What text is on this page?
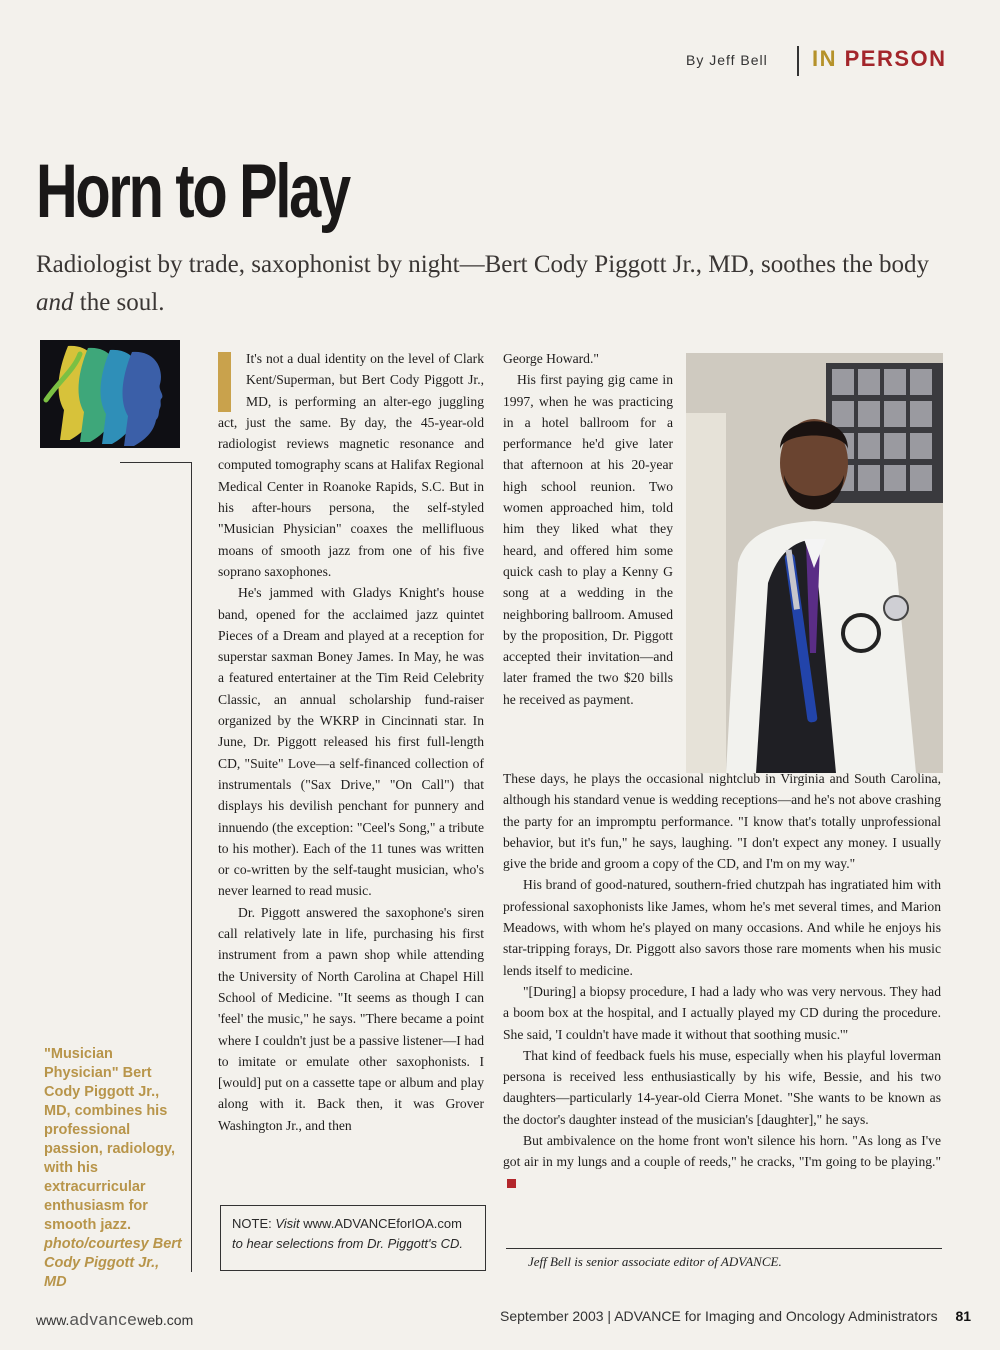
By Jeff Bell IN PERSON
Horn to Play
Radiologist by trade, saxophonist by night—Bert Cody Piggott Jr., MD, soothes the body and the soul.
"Musician Physician" Bert Cody Piggott Jr., MD, combines his professional passion, radiology, with his extracurricular enthusiasm for smooth jazz.
photo/courtesy Bert Cody Piggott Jr., MD

It's not a dual identity on the level of Clark Kent/Superman, but Bert Cody Piggott Jr., MD, is performing an alter-ego juggling act, just the same. By day, the 45-year-old radiologist reviews magnetic resonance and computed tomography scans at Halifax Regional Medical Center in Roanoke Rapids, S.C. But in his after-hours persona, the self-styled "Musician Physician" coaxes the mellifluous moans of smooth jazz from one of his five soprano saxophones.

He's jammed with Gladys Knight's house band, opened for the acclaimed jazz quintet Pieces of a Dream and played at a reception for superstar saxman Boney James. In May, he was a featured entertainer at the Tim Reid Celebrity Classic, an annual scholarship fund-raiser organized by the WKRP in Cincinnati star. In June, Dr. Piggott released his first full-length CD, "Suite" Love—a self-financed collection of instrumentals ("Sax Drive," "On Call") that displays his devilish penchant for punnery and innuendo (the exception: "Ceel's Song," a tribute to his mother). Each of the 11 tunes was written or co-written by the self-taught musician, who's never learned to read music.

Dr. Piggott answered the saxophone's siren call relatively late in life, purchasing his first instrument from a pawn shop while attending the University of North Carolina at Chapel Hill School of Medicine. "It seems as though I can 'feel' the music," he says. "There became a point where I couldn't just be a passive listener—I had to imitate or emulate other saxophonists. I [would] put on a cassette tape or album and play along with it. Back then, it was Grover Washington Jr., and then

George Howard."

His first paying gig came in 1997, when he was practicing in a hotel ballroom for a performance he'd give later that afternoon at his 20-year high school reunion. Two women approached him, told him they liked what they heard, and offered him some quick cash to play a Kenny G song at a wedding in the neighboring ballroom. Amused by the proposition, Dr. Piggott accepted their invitation—and later framed the two $20 bills he received as payment.

These days, he plays the occasional nightclub in Virginia and South Carolina, although his standard venue is wedding receptions—and he's not above crashing the party for an impromptu performance. "I know that's totally unprofessional behavior, but it's fun," he says, laughing. "I don't expect any money. I usually give the bride and groom a copy of the CD, and I'm on my way."

His brand of good-natured, southern-fried chutzpah has ingratiated him with professional saxophonists like James, whom he's met several times, and Marion Meadows, with whom he's played on many occasions. And while he enjoys his star-tripping forays, Dr. Piggott also savors those rare moments when his music lends itself to medicine.

"[During] a biopsy procedure, I had a lady who was very nervous. They had a boom box at the hospital, and I actually played my CD during the procedure. She said, 'I couldn't have made it without that soothing music.'"

That kind of feedback fuels his muse, especially when his playful loverman persona is received less enthusiastically by his wife, Bessie, and his two daughters—particularly 14-year-old Cierra Monet. "She wants to be known as the doctor's daughter instead of the musician's [daughter]," he says.

But ambivalence on the home front won't silence his horn. "As long as I've got air in my lungs and a couple of reeds," he cracks, "I'm going to be playing."

NOTE: Visit www.ADVANCEforIOA.com
to hear selections from Dr. Piggott's CD.
Jeff Bell is senior associate editor of ADVANCE.
www.advanceweb.com	September 2003 | ADVANCE for Imaging and Oncology Administrators 81
